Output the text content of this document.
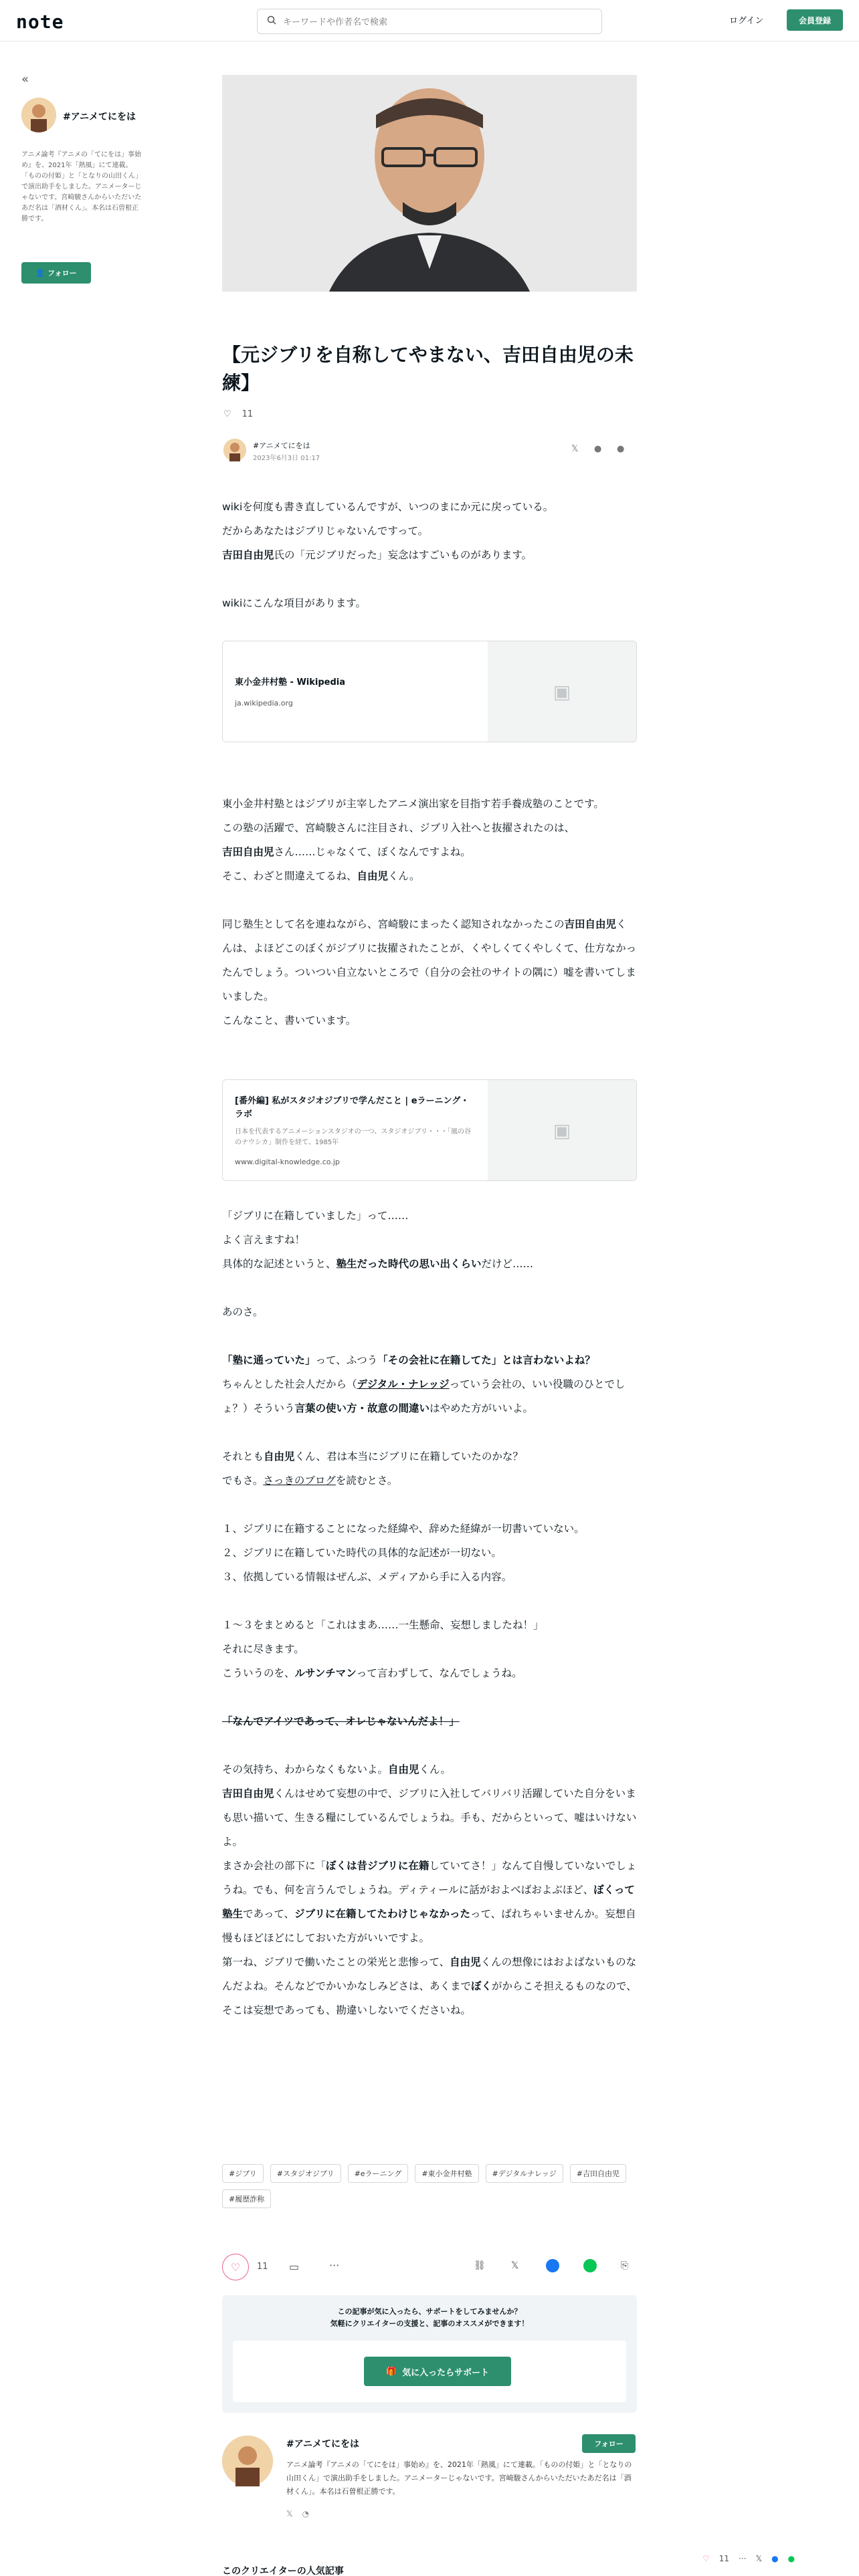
note
キーワードや作者名で検索	ログイン	会員登録
«
#アニメてにをは

アニメ論考『アニメの「てにをは」事始め』を、2021年「熱風」にて連載。「ものの付姫」と「となりの山田くん」で演出助手をしました。アニメーターじゃないです。宮崎駿さんからいただいたあだ名は「酒材くん」。本名は石曽根正勝です。

👤 フォロー
【元ジブリを自称してやまない、吉田自由児の未練】
♡ 11
#アニメてにをは
2023年6月3日 01:17
𝕏 ● ●

wikiを何度も書き直しているんですが、いつのまにか元に戻っている。

だからあなたはジブリじゃないんですって。

吉田自由児氏の「元ジブリだった」妄念はすごいものがあります。

wikiにこんな項目があります。

東小金井村塾 - Wikipedia
ja.wikipedia.org
▣

東小金井村塾とはジブリが主宰したアニメ演出家を目指す若手養成塾のことです。

この塾の活躍で、宮崎駿さんに注目され、ジブリ入社へと抜擢されたのは、

吉田自由児さん……じゃなくて、ぼくなんですよね。

そこ、わざと間違えてるね、自由児くん。

同じ塾生として名を連ねながら、宮崎駿にまったく認知されなかったこの吉田自由児くんは、よほどこのぼくがジブリに抜擢されたことが、くやしくてくやしくて、仕方なかったんでしょう。ついつい自立ないところで（自分の会社のサイトの隅に）嘘を書いてしまいました。

こんなこと、書いています。

[番外編] 私がスタジオジブリで学んだこと | eラーニング・ラボ
日本を代表するアニメーションスタジオの一つ、スタジオジブリ・・・「風の谷のナウシカ」制作を経て、1985年
www.digital-knowledge.co.jp
▣

「ジブリに在籍していました」って……

よく言えますね！

具体的な記述というと、塾生だった時代の思い出くらいだけど……

あのさ。

「塾に通っていた」って、ふつう「その会社に在籍してた」とは言わないよね？

ちゃんとした社会人だから（デジタル・ナレッジっていう会社の、いい役職のひとでしょ？）そういう言葉の使い方・故意の間違いはやめた方がいいよ。

それとも自由児くん、君は本当にジブリに在籍していたのかな？

でもさ。さっきのブログを読むとさ。

１、ジブリに在籍することになった経緯や、辞めた経緯が一切書いていない。

２、ジブリに在籍していた時代の具体的な記述が一切ない。

３、依拠している情報はぜんぶ、メディアから手に入る内容。

１〜３をまとめると「これはまあ……一生懸命、妄想しましたね！」

それに尽きます。

こういうのを、ルサンチマンって言わずして、なんでしょうね。

「なんでアイツであって、オレじゃないんだよ！」

その気持ち、わからなくもないよ。自由児くん。

吉田自由児くんはせめて妄想の中で、ジブリに入社してバリバリ活躍していた自分をいまも思い描いて、生きる糧にしているんでしょうね。手も、だからといって、嘘はいけないよ。

まさか会社の部下に「ぼくは昔ジブリに在籍していてさ！」なんて自慢していないでしょうね。でも、何を言うんでしょうね。ディティールに話がおよべばおよぶほど、ぼくって塾生であって、ジブリに在籍してたわけじゃなかったって、ばれちゃいませんか。妄想自慢もほどほどにしておいた方がいいですよ。

第一ね、ジブリで働いたことの栄光と悲惨って、自由児くんの想像にはおよばないものなんだよね。そんなどでかいかなしみどさは、あくまでぼくがからこそ担えるものなので、そこは妄想であっても、勘違いしないでくださいね。

#ジブリ	#スタジオジブリ	#eラーニング	#東小金井村塾	#デジタルナレッジ	#吉田自由児
#履歴詐称
♡	11 ▭	···	⛓	𝕏	⎘

この記事が気に入ったら、サポートをしてみませんか？
気軽にクリエイターの支援と、記事のオススメができます！

🎁 気に入ったらサポート
#アニメてにをは	フォロー

アニメ論考『アニメの「てにをは」事始め』を、2021年「熱風」にて連載。「ものの付姫」と「となりの山田くん」で演出助手をしました。アニメーターじゃないです。宮崎駿さんからいただいたあだ名は「酒材くん」。本名は石曽根正勝です。

𝕏 ◔
♡ 11 ··· 𝕏 ● ●
このクリエイターの人気記事
